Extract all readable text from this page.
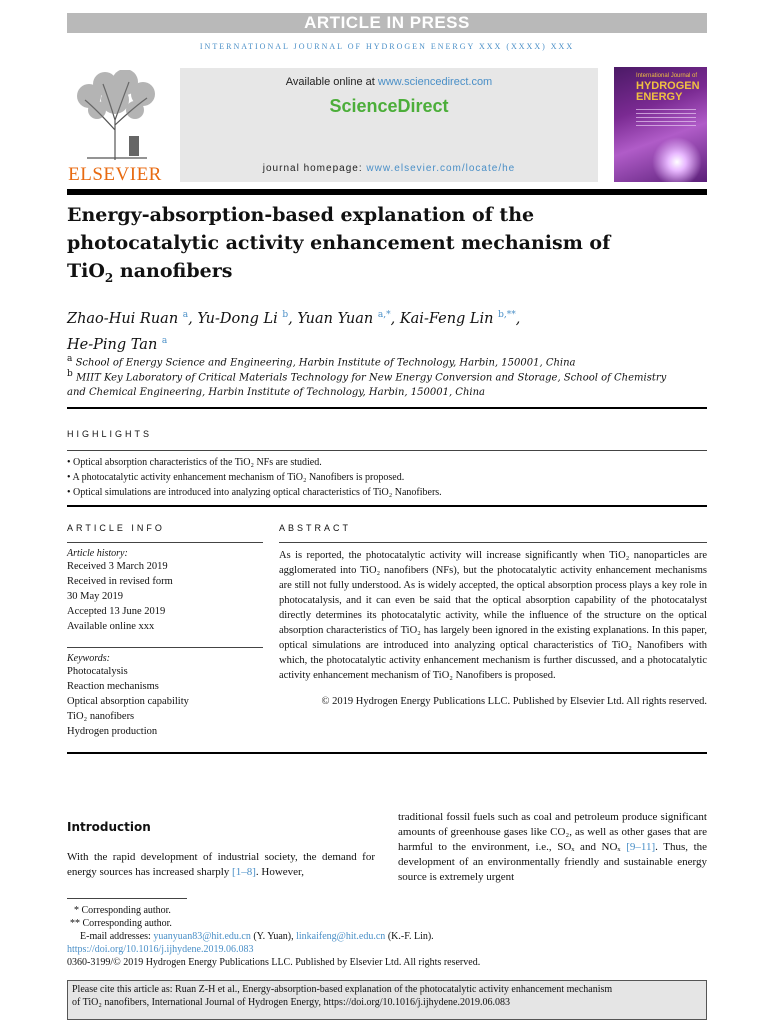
ARTICLE IN PRESS
INTERNATIONAL JOURNAL OF HYDROGEN ENERGY XXX (XXXX) XXX
ELSEVIER
Available online at www.sciencedirect.com
ScienceDirect
journal homepage: www.elsevier.com/locate/he
International Journal of
HYDROGEN
ENERGY
Energy-absorption-based explanation of the
photocatalytic activity enhancement mechanism of
TiO$_2$ nanofibers
Zhao-Hui Ruan $^a$, Yu-Dong Li $^b$, Yuan Yuan $^{a,*}$, Kai-Feng Lin $^{b,**}$,
He-Ping Tan $^a$
$^a$ School of Energy Science and Engineering, Harbin Institute of Technology, Harbin, 150001, China
$^b$ MIIT Key Laboratory of Critical Materials Technology for New Energy Conversion and Storage, School of Chemistry
and Chemical Engineering, Harbin Institute of Technology, Harbin, 150001, China
HIGHLIGHTS
• Optical absorption characteristics of the TiO₂ NFs are studied.
• A photocatalytic activity enhancement mechanism of TiO₂ Nanofibers is proposed.
• Optical simulations are introduced into analyzing optical characteristics of TiO₂ Nanofibers.
ARTICLE INFO	ABSTRACT
Article history:
Received 3 March 2019
Received in revised form
30 May 2019
Accepted 13 June 2019
Available online xxx
Keywords:
Photocatalysis
Reaction mechanisms
Optical absorption capability
TiO₂ nanofibers
Hydrogen production
As is reported, the photocatalytic activity will increase significantly when TiO₂ nanoparticles are agglomerated into TiO₂ nanofibers (NFs), but the photocatalytic activity enhancement mechanisms are still not fully understood. As is widely accepted, the optical absorption process plays a key role in photocatalysis, and it can even be said that the optical absorption capability of the photocatalyst directly determines its photocatalytic activity, while the influence of the structure on the optical absorption characteristics of TiO₂ has largely been ignored in the existing explanations. In this paper, optical simulations are introduced into analyzing optical characteristics of TiO₂ Nanofibers with which, the photocatalytic activity enhancement mechanism is further discussed, and a photocatalytic activity enhancement mechanism of TiO₂ Nanofibers is proposed.
© 2019 Hydrogen Energy Publications LLC. Published by Elsevier Ltd. All rights reserved.
Introduction
With the rapid development of industrial society, the demand for energy sources has increased sharply [1–8]. However,
traditional fossil fuels such as coal and petroleum produce significant amounts of greenhouse gases like CO₂, as well as other gases that are harmful to the environment, i.e., SOₓ and NOₓ [9–11]. Thus, the development of an environmentally friendly and sustainable energy source is extremely urgent
* Corresponding author.
** Corresponding author.
E-mail addresses: yuanyuan83@hit.edu.cn (Y. Yuan), linkaifeng@hit.edu.cn (K.-F. Lin).
https://doi.org/10.1016/j.ijhydene.2019.06.083
0360-3199/© 2019 Hydrogen Energy Publications LLC. Published by Elsevier Ltd. All rights reserved.
Please cite this article as: Ruan Z-H et al., Energy-absorption-based explanation of the photocatalytic activity enhancement mechanism
of TiO₂ nanofibers, International Journal of Hydrogen Energy, https://doi.org/10.1016/j.ijhydene.2019.06.083
